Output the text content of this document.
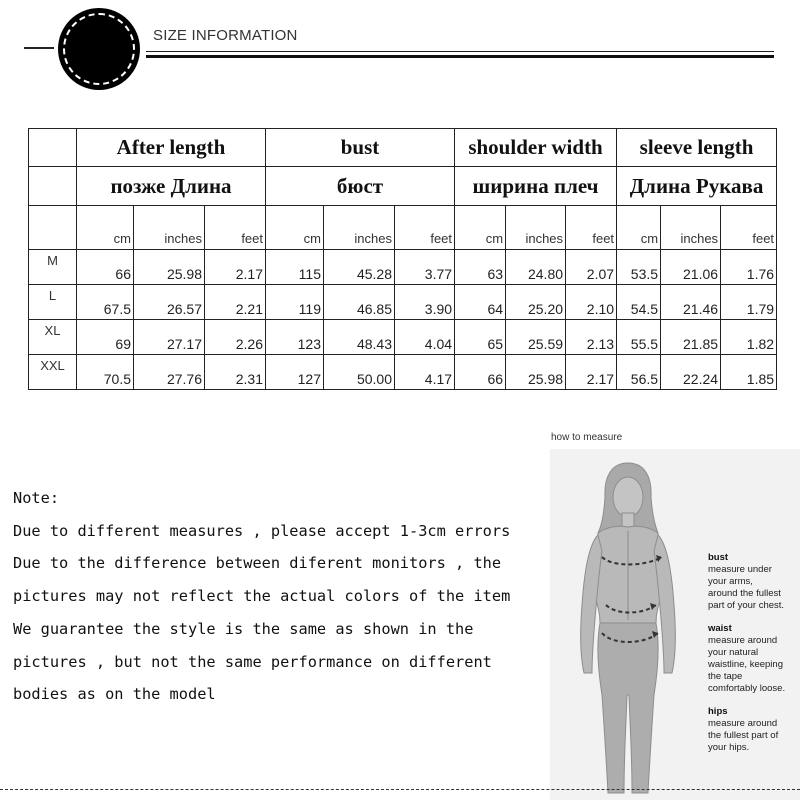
SIZE INFORMATION
	After length			bust			shoulder width			sleeve length		
	позже Длина			бюст			ширина плеч			Длина Рукава		
	cm	inches	feet	cm	inches	feet	cm	inches	feet	cm	inches	feet
M	66	25.98	2.17	115	45.28	3.77	63	24.80	2.07	53.5	21.06	1.76
L	67.5	26.57	2.21	119	46.85	3.90	64	25.20	2.10	54.5	21.46	1.79
XL	69	27.17	2.26	123	48.43	4.04	65	25.59	2.13	55.5	21.85	1.82
XXL	70.5	27.76	2.31	127	50.00	4.17	66	25.98	2.17	56.5	22.24	1.85
Note:
Due to different measures , please accept 1-3cm errors
Due to the difference between diferent monitors , the
pictures may not reflect the actual colors of the item
We guarantee the style is the same as shown in the
pictures , but not the same performance on different
bodies as on the model
how to measure
bust
measure under
your arms,
around the fullest
part of your chest.
waist
measure around
your natural
waistline, keeping
the tape
comfortably loose.
hips
measure around
the fullest part of
your hips.
